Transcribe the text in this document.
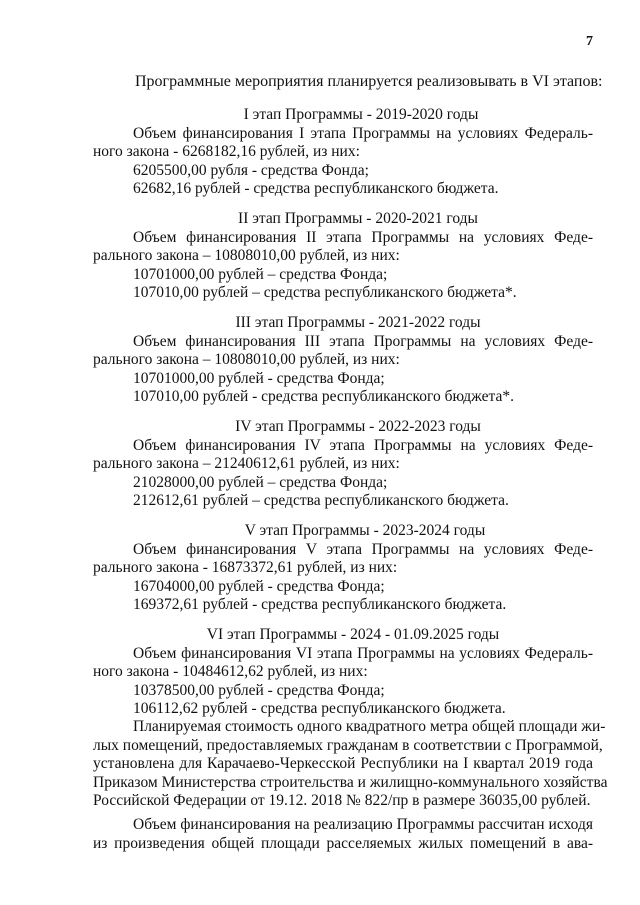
7
Программные мероприятия планируется реализовывать в VI этапов:
I этап Программы - 2019-2020 годы
Объем финансирования I этапа Программы на условиях Федераль-
ного закона - 6268182,16 рублей, из них:
6205500,00 рубля - средства Фонда;
62682,16 рублей - средства республиканского бюджета.
II этап Программы - 2020-2021 годы
Объем финансирования II этапа Программы на условиях Феде-
рального закона – 10808010,00 рублей, из них:
10701000,00 рублей – средства Фонда;
107010,00 рублей – средства республиканского бюджета*.
III этап Программы - 2021-2022 годы
Объем финансирования III этапа Программы на условиях Феде-
рального закона – 10808010,00 рублей, из них:
10701000,00 рублей - средства Фонда;
107010,00 рублей - средства республиканского бюджета*.
IV этап Программы - 2022-2023 годы
Объем финансирования IV этапа Программы на условиях Феде-
рального закона – 21240612,61 рублей, из них:
21028000,00 рублей – средства Фонда;
212612,61 рублей – средства республиканского бюджета.
V этап Программы - 2023-2024 годы
Объем финансирования V этапа Программы на условиях Феде-
рального закона - 16873372,61 рублей, из них:
16704000,00 рублей - средства Фонда;
169372,61 рублей - средства республиканского бюджета.
VI этап Программы - 2024 - 01.09.2025 годы
Объем финансирования VI этапа Программы на условиях Федераль-
ного закона - 10484612,62 рублей, из них:
10378500,00 рублей - средства Фонда;
106112,62 рублей - средства республиканского бюджета.
Планируемая стоимость одного квадратного метра общей площади жи-
лых помещений, предоставляемых гражданам в соответствии с Программой,
установлена для Карачаево-Черкесской Республики на I квартал 2019 года
Приказом Министерства строительства и жилищно-коммунального хозяйства
Российской Федерации от 19.12. 2018 № 822/пр в размере 36035,00 рублей.
Объем финансирования на реализацию Программы рассчитан исходя
из произведения общей площади расселяемых жилых помещений в ава-
